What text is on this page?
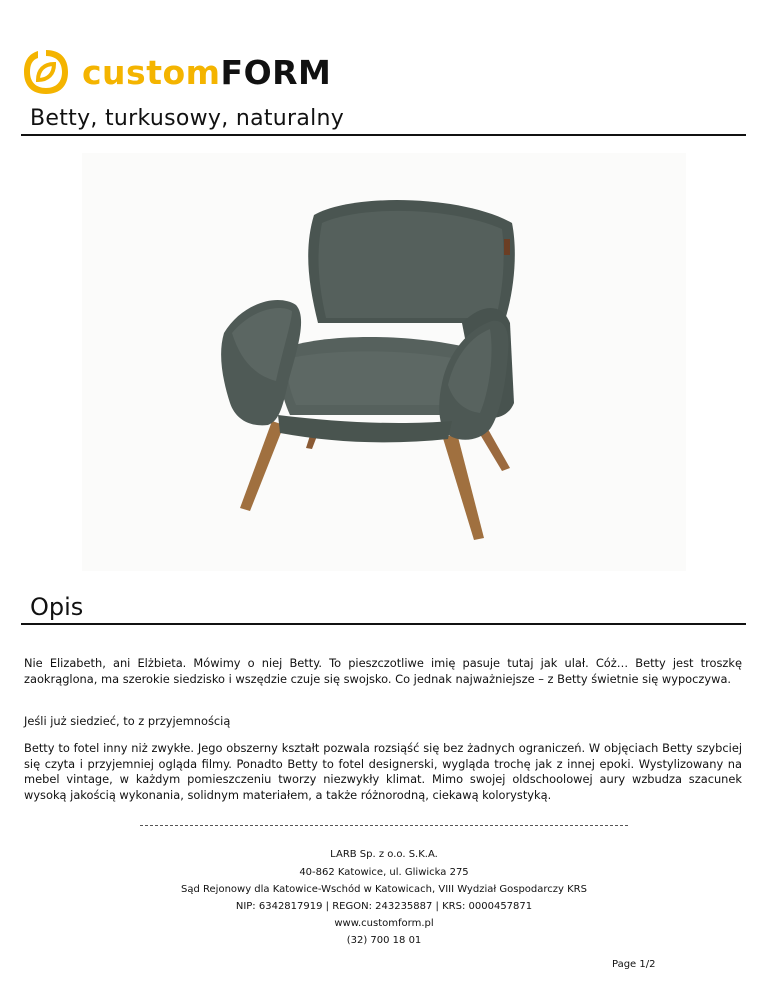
customFORM
Betty, turkusowy, naturalny
Opis

Nie Elizabeth, ani Elżbieta. Mówimy o niej Betty. To pieszczotliwe imię pasuje tutaj jak ulał. Cóż… Betty jest troszkę zaokrąglona, ma szerokie siedzisko i wszędzie czuje się swojsko. Co jednak najważniejsze – z Betty świetnie się wypoczywa.

Jeśli już siedzieć, to z przyjemnością

Betty to fotel inny niż zwykłe. Jego obszerny kształt pozwala rozsiąść się bez żadnych ograniczeń. W objęciach Betty szybciej się czyta i przyjemniej ogląda filmy. Ponadto Betty to fotel designerski, wygląda trochę jak z innej epoki. Wystylizowany na mebel vintage, w każdym pomieszczeniu tworzy niezwykły klimat. Mimo swojej oldschoolowej aury wzbudza szacunek wysoką jakością wykonania, solidnym materiałem, a także różnorodną, ciekawą kolorystyką.

LARB Sp. z o.o. S.K.A.
40-862 Katowice, ul. Gliwicka 275
Sąd Rejonowy dla Katowice-Wschód w Katowicach, VIII Wydział Gospodarczy KRS
NIP: 6342817919 | REGON: 243235887 | KRS: 0000457871
www.customform.pl
(32) 700 18 01
Page 1/2
